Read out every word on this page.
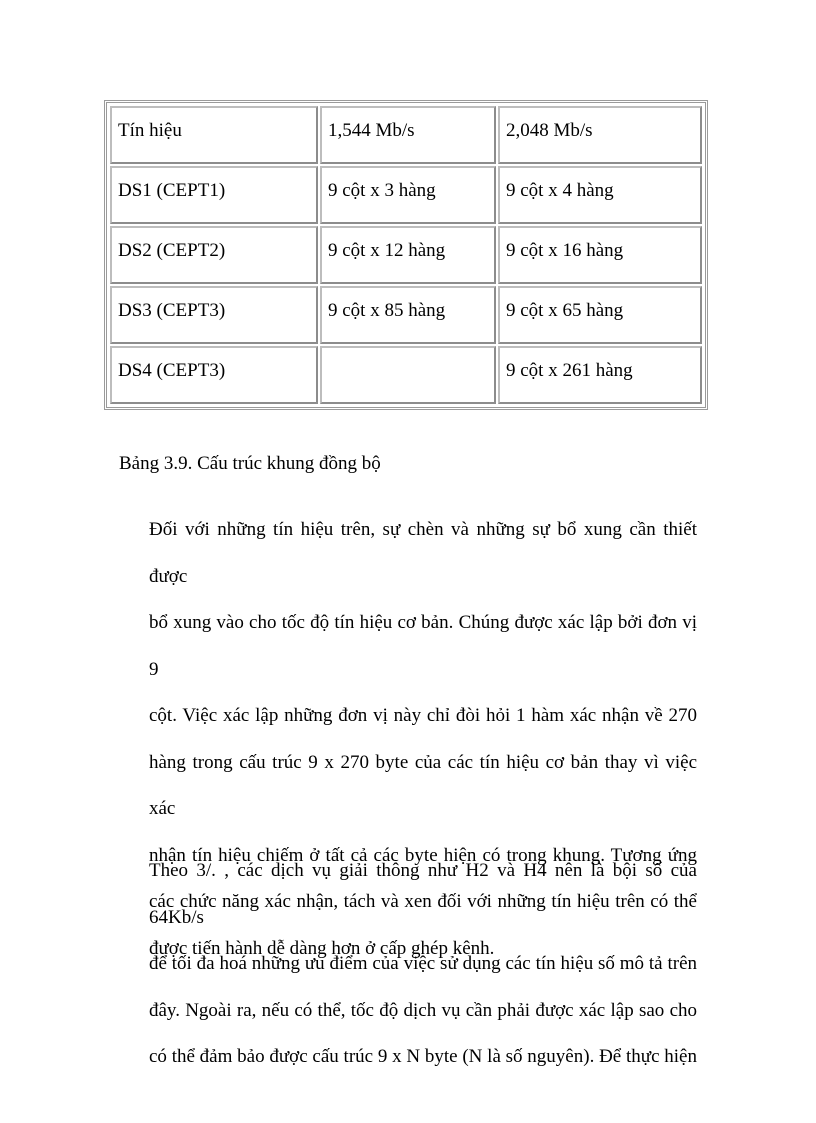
Tín hiệu	1,544 Mb/s	2,048 Mb/s
DS1 (CEPT1)	9 cột x 3 hàng	9 cột x 4 hàng
DS2 (CEPT2)	9 cột x 12 hàng	9 cột x 16 hàng
DS3 (CEPT3)	9 cột x 85 hàng	9 cột x 65 hàng
DS4 (CEPT3)		9 cột x 261 hàng

Bảng 3.9. Cấu trúc khung đồng bộ

Đối với những tín hiệu trên, sự chèn và những sự bổ xung cần thiết được
bổ xung vào cho tốc độ tín hiệu cơ bản. Chúng được xác lập bởi đơn vị 9
cột. Việc xác lập những đơn vị này chỉ đòi hỏi 1 hàm xác nhận về 270
hàng trong cấu trúc 9 x 270 byte của các tín hiệu cơ bản thay vì việc xác
nhận tín hiệu chiếm ở tất cả các byte hiện có trong khung. Tương ứng
các chức năng xác nhận, tách và xen đối với những tín hiệu trên có thể
được tiến hành dễ dàng hơn ở cấp ghép kênh.

Theo 3/. , các dịch vụ giải thông như H2 và H4 nên là bội số của 64Kb/s
để tối đa hoá những ưu điểm của việc sử dụng các tín hiệu số mô tả trên
đây. Ngoài ra, nếu có thể, tốc độ dịch vụ cần phải được xác lập sao cho
có thể đảm bảo được cấu trúc 9 x N byte (N là số nguyên). Để thực hiện
